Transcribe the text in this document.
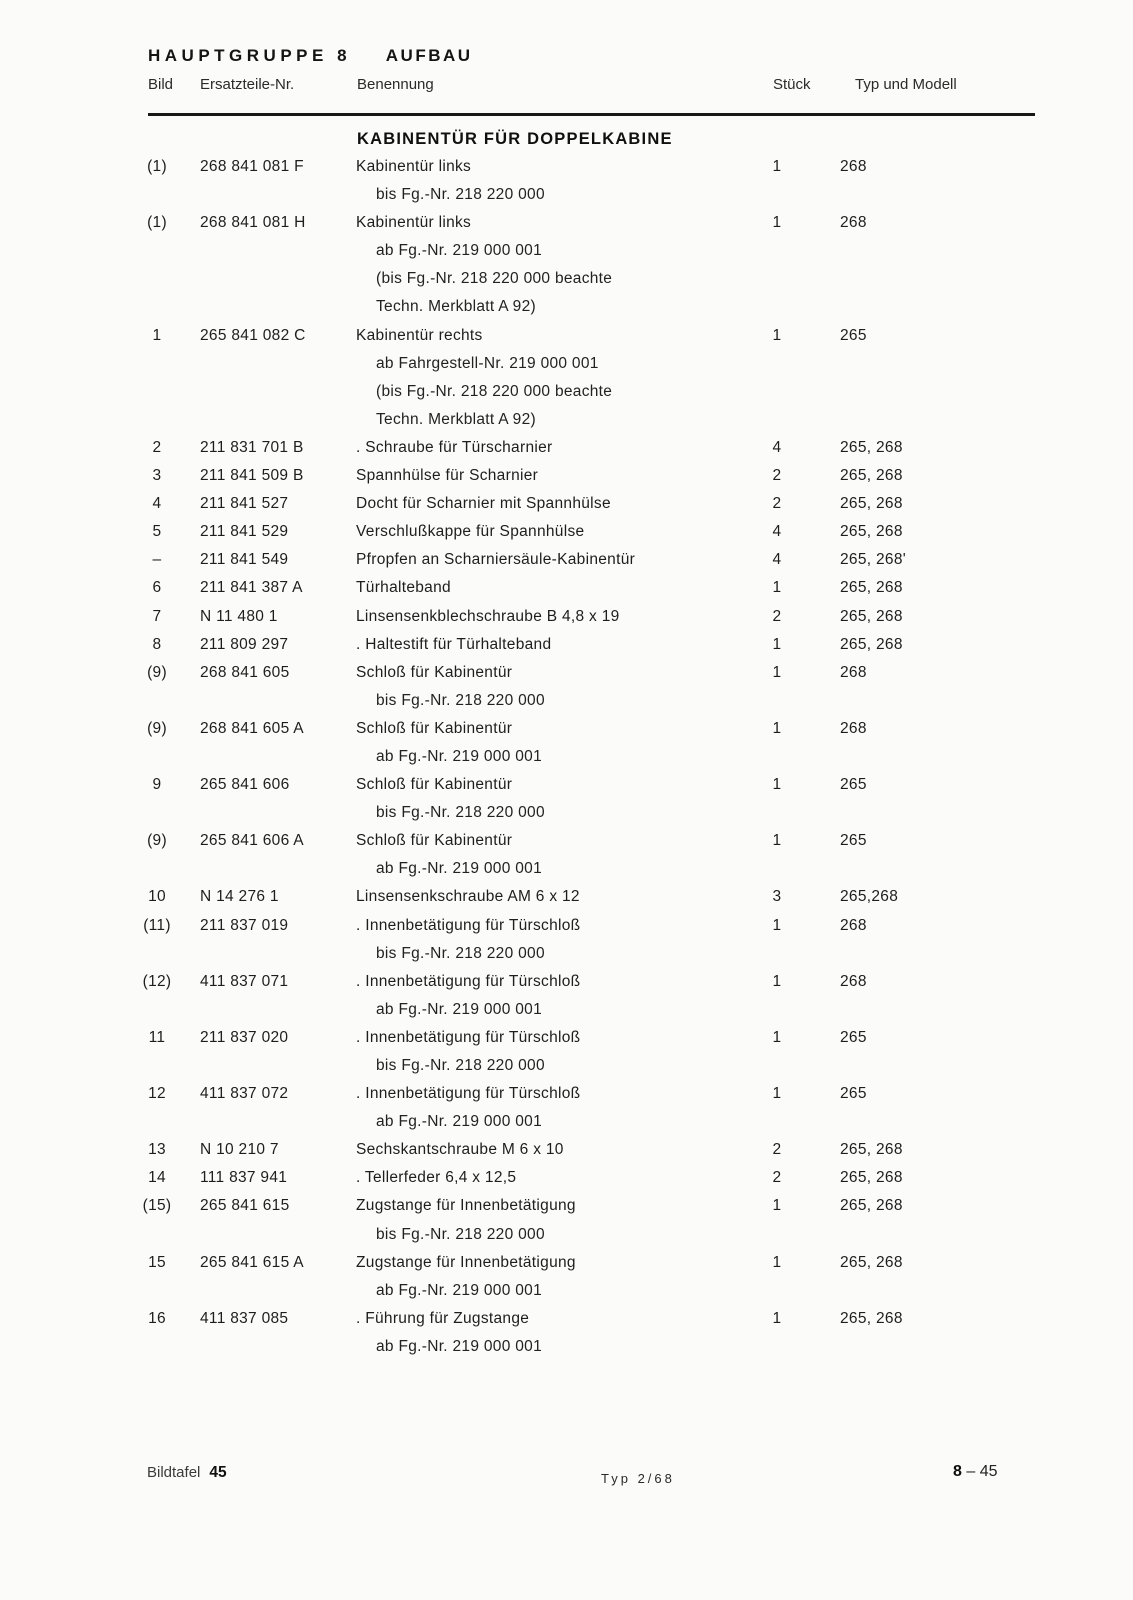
HAUPTGRUPPE 8 AUFBAU
Bild Ersatzteile-Nr.	Benennung	Stück	Typ und Modell
KABINENTÜR FÜR DOPPELKABINE
(1)	268 841 081 F	Kabinentür links	1	268
bis Fg.-Nr. 218 220 000
(1)	268 841 081 H	Kabinentür links	1	268
ab Fg.-Nr. 219 000 001
(bis Fg.-Nr. 218 220 000 beachte
Techn. Merkblatt A 92)
1	265 841 082 C	Kabinentür rechts	1	265
ab Fahrgestell-Nr. 219 000 001
(bis Fg.-Nr. 218 220 000 beachte
Techn. Merkblatt A 92)
2	211 831 701 B	. Schraube für Türscharnier	4	265, 268
3	211 841 509 B	Spannhülse für Scharnier	2	265, 268
4	211 841 527	Docht für Scharnier mit Spannhülse	2	265, 268
5	211 841 529	Verschlußkappe für Spannhülse	4	265, 268
–	211 841 549	Pfropfen an Scharniersäule-Kabinentür	4	265, 268'
6	211 841 387 A	Türhalteband	1	265, 268
7	N 11 480 1	Linsensenkblechschraube B 4,8 x 19	2	265, 268
8	211 809 297	. Haltestift für Türhalteband	1	265, 268
(9)	268 841 605	Schloß für Kabinentür	1	268
bis Fg.-Nr. 218 220 000
(9)	268 841 605 A	Schloß für Kabinentür	1	268
ab Fg.-Nr. 219 000 001
9	265 841 606	Schloß für Kabinentür	1	265
bis Fg.-Nr. 218 220 000
(9)	265 841 606 A	Schloß für Kabinentür	1	265
ab Fg.-Nr. 219 000 001
10	N 14 276 1	Linsensenkschraube AM 6 x 12	3	265,268
(11)	211 837 019	. Innenbetätigung für Türschloß	1	268
bis Fg.-Nr. 218 220 000
(12)	411 837 071	. Innenbetätigung für Türschloß	1	268
ab Fg.-Nr. 219 000 001
11	211 837 020	. Innenbetätigung für Türschloß	1	265
bis Fg.-Nr. 218 220 000
12	411 837 072	. Innenbetätigung für Türschloß	1	265
ab Fg.-Nr. 219 000 001
13	N 10 210 7	Sechskantschraube M 6 x 10	2	265, 268
14	111 837 941	. Tellerfeder 6,4 x 12,5	2	265, 268
(15)	265 841 615	Zugstange für Innenbetätigung	1	265, 268
bis Fg.-Nr. 218 220 000
15	265 841 615 A	Zugstange für Innenbetätigung	1	265, 268
ab Fg.-Nr. 219 000 001
16	411 837 085	. Führung für Zugstange	1	265, 268
ab Fg.-Nr. 219 000 001
Bildtafel 45	Typ 2/68	8 – 45
